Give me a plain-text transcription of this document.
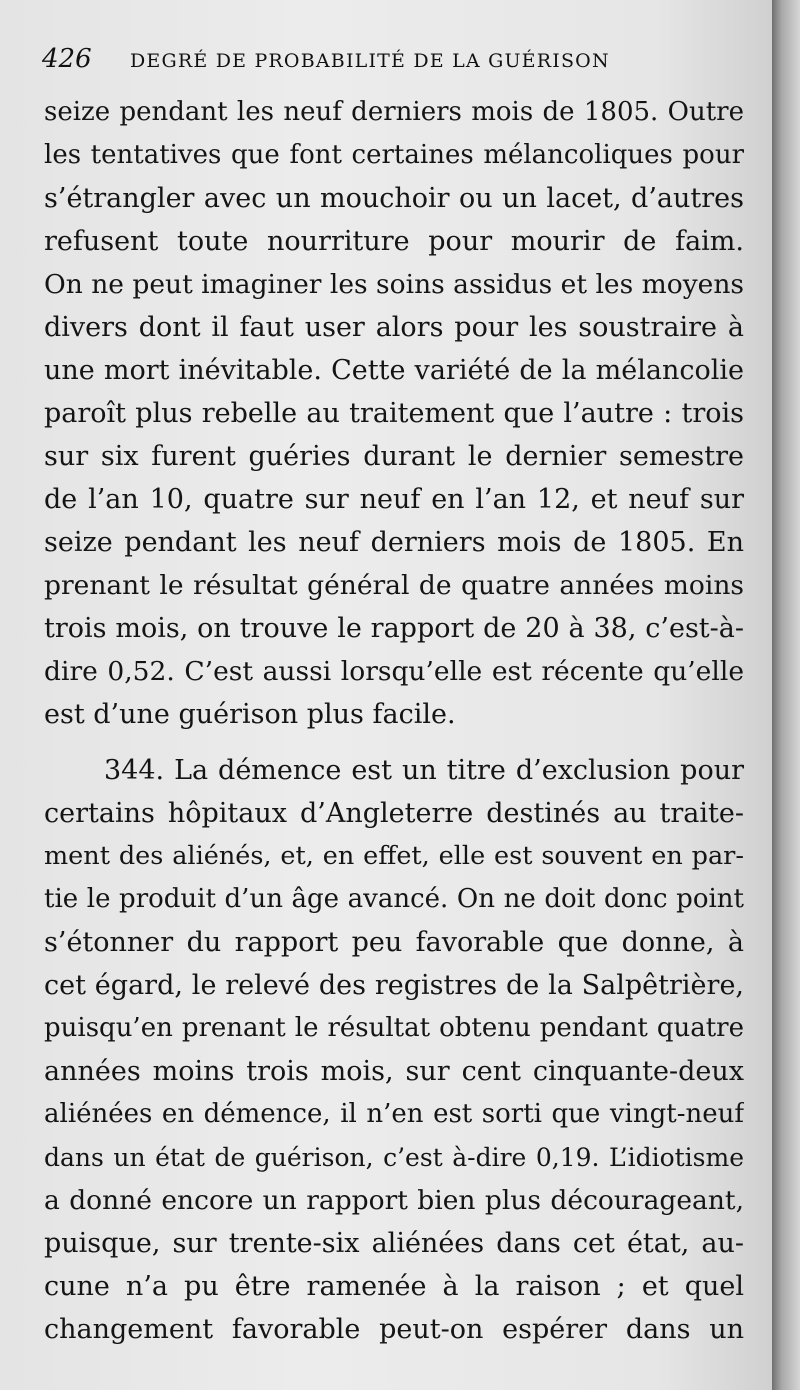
426 DEGRÉ DE PROBABILITÉ DE LA GUÉRISON
seize pendant les neuf derniers mois de 1805. Outre
les tentatives que font certaines mélancoliques pour
s’étrangler avec un mouchoir ou un lacet, d’autres
refusent toute nourriture pour mourir de faim.
On ne peut imaginer les soins assidus et les moyens
divers dont il faut user alors pour les soustraire à
une mort inévitable. Cette variété de la mélancolie
paroît plus rebelle au traitement que l’autre : trois
sur six furent guéries durant le dernier semestre
de l’an 10, quatre sur neuf en l’an 12, et neuf sur
seize pendant les neuf derniers mois de 1805. En
prenant le résultat général de quatre années moins
trois mois, on trouve le rapport de 20 à 38, c’est-à-
dire 0,52. C’est aussi lorsqu’elle est récente qu’elle
est d’une guérison plus facile.
344. La démence est un titre d’exclusion pour
certains hôpitaux d’Angleterre destinés au traite-
ment des aliénés, et, en effet, elle est souvent en par-
tie le produit d’un âge avancé. On ne doit donc point
s’étonner du rapport peu favorable que donne, à
cet égard, le relevé des registres de la Salpêtrière,
puisqu’en prenant le résultat obtenu pendant quatre
années moins trois mois, sur cent cinquante-deux
aliénées en démence, il n’en est sorti que vingt-neuf
dans un état de guérison, c’est à-dire 0,19. L’idiotisme
a donné encore un rapport bien plus décourageant,
puisque, sur trente-six aliénées dans cet état, au-
cune n’a pu être ramenée à la raison ; et quel
changement favorable peut-on espérer dans un
